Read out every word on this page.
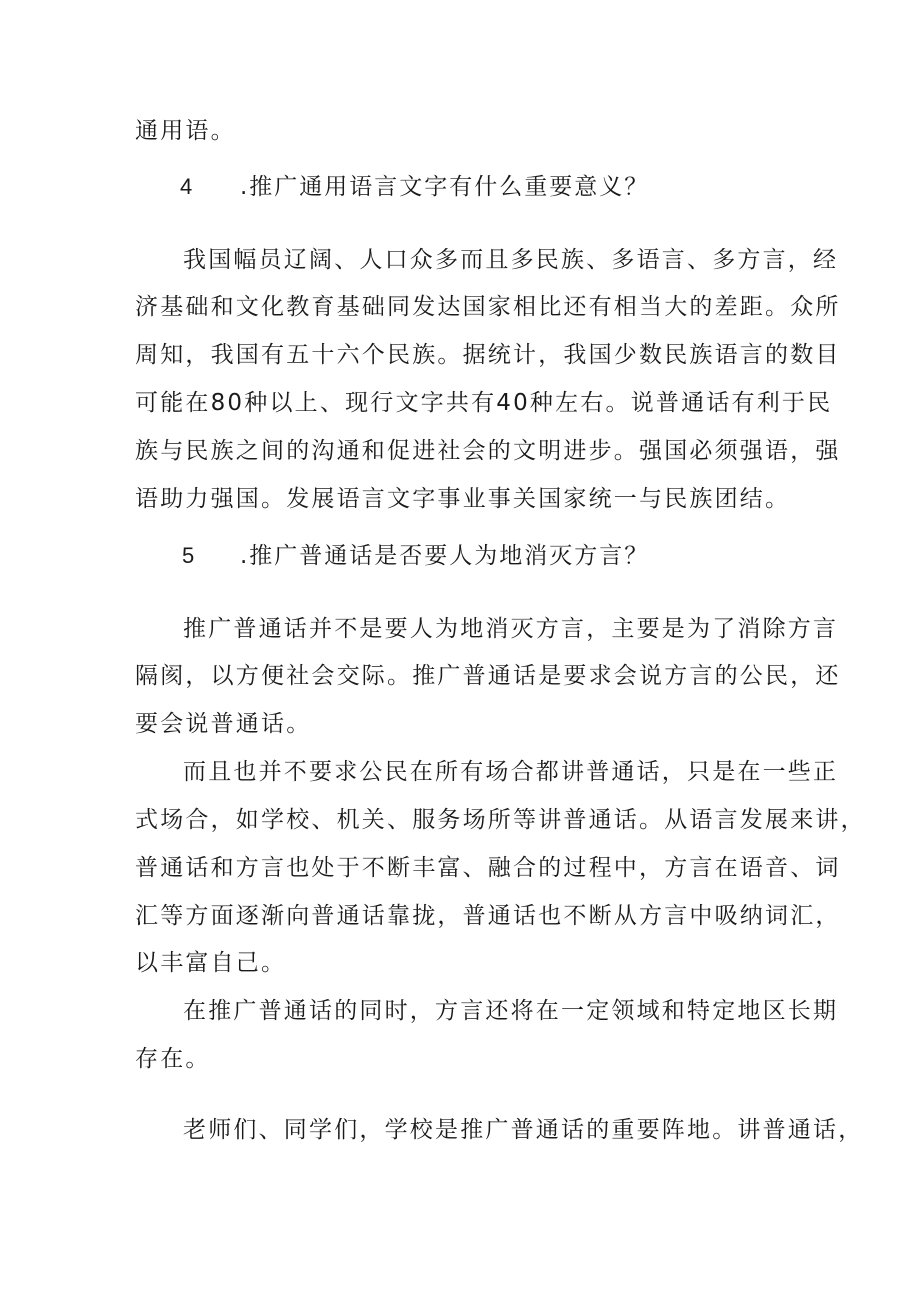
通用语。
4 .推广通用语言文字有什么重要意义？
我国幅员辽阔、人口众多而且多民族、多语言、多方言，经
济基础和文化教育基础同发达国家相比还有相当大的差距。众所
周知，我国有五十六个民族。据统计，我国少数民族语言的数目
可能在80种以上、现行文字共有40种左右。说普通话有利于民
族与民族之间的沟通和促进社会的文明进步。强国必须强语，强
语助力强国。发展语言文字事业事关国家统一与民族团结。
5 .推广普通话是否要人为地消灭方言？
推广普通话并不是要人为地消灭方言，主要是为了消除方言
隔阂，以方便社会交际。推广普通话是要求会说方言的公民，还
要会说普通话。
而且也并不要求公民在所有场合都讲普通话，只是在一些正
式场合，如学校、机关、服务场所等讲普通话。从语言发展来讲，
普通话和方言也处于不断丰富、融合的过程中，方言在语音、词
汇等方面逐渐向普通话靠拢，普通话也不断从方言中吸纳词汇，
以丰富自己。
在推广普通话的同时，方言还将在一定领域和特定地区长期
存在。
老师们、同学们，学校是推广普通话的重要阵地。讲普通话，
